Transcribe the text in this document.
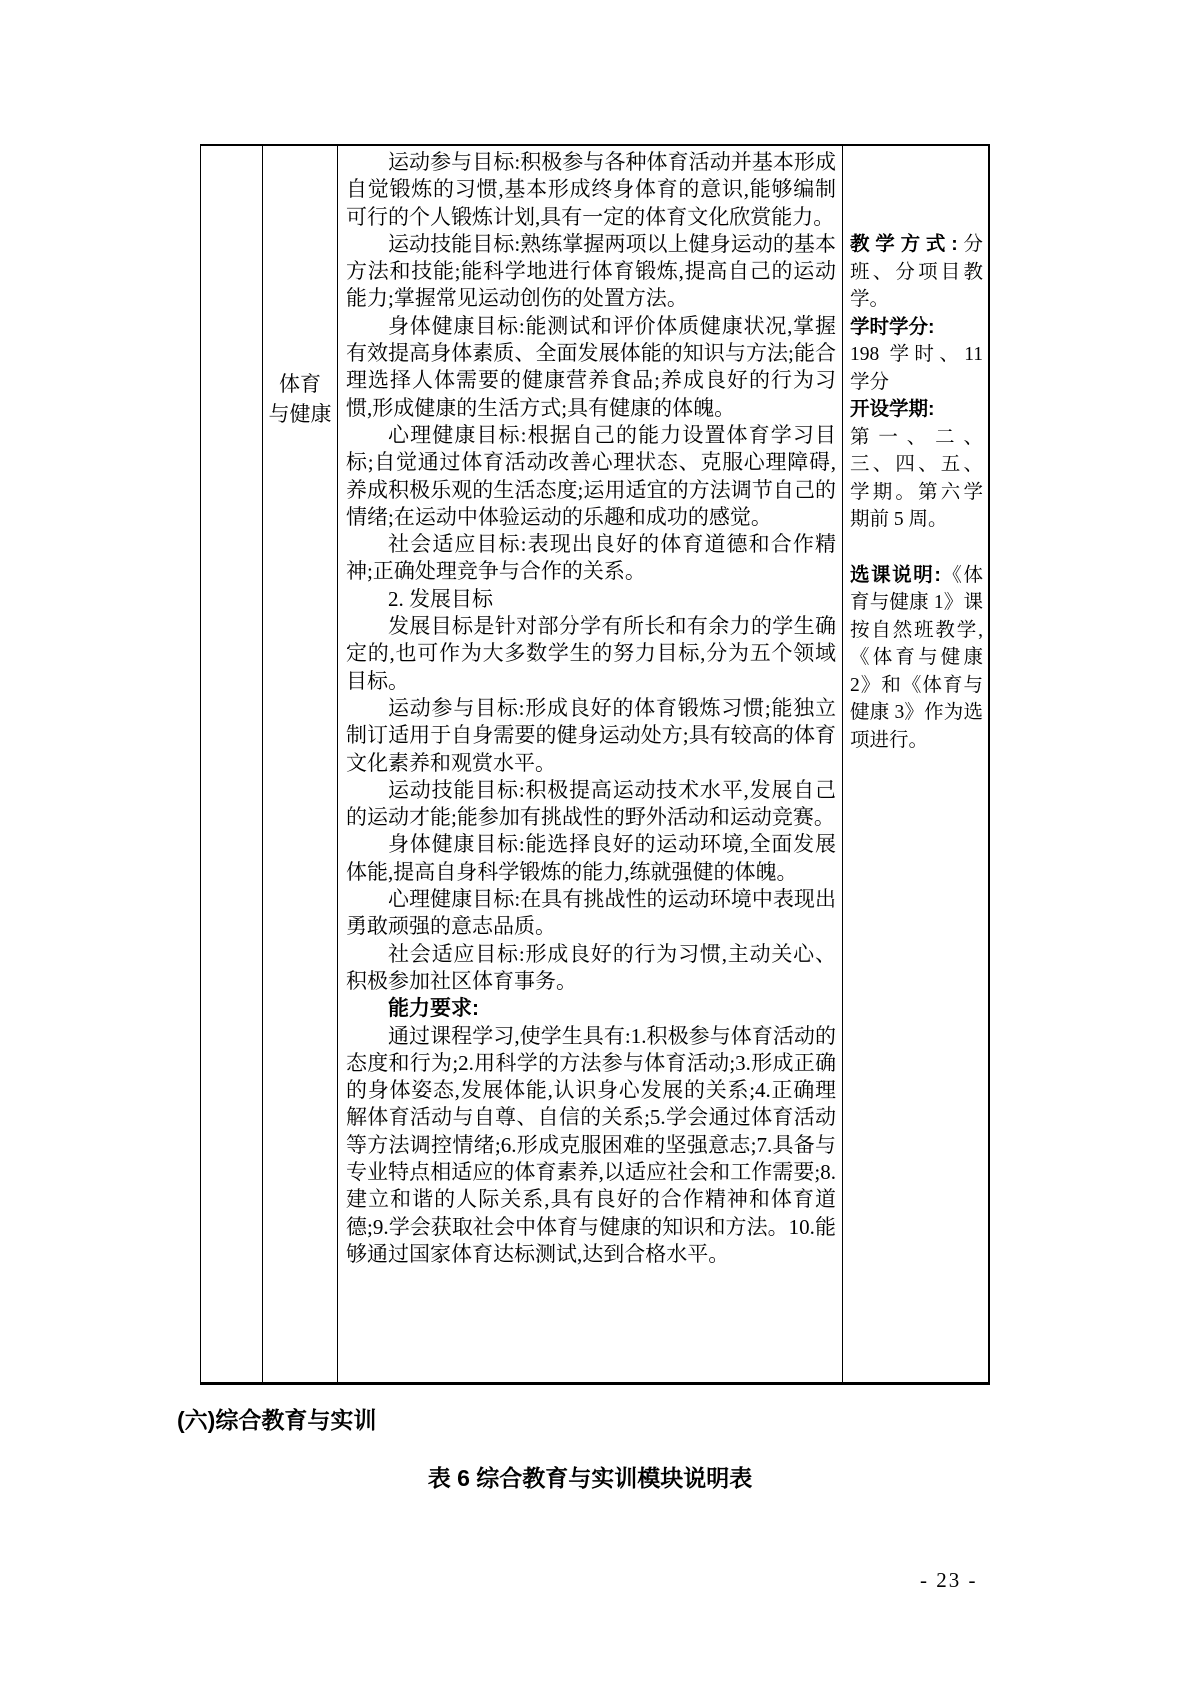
体育
与健康

运动参与目标:积极参与各种体育活动并基本形成自觉锻炼的习惯,基本形成终身体育的意识,能够编制可行的个人锻炼计划,具有一定的体育文化欣赏能力。

运动技能目标:熟练掌握两项以上健身运动的基本方法和技能;能科学地进行体育锻炼,提高自己的运动能力;掌握常见运动创伤的处置方法。

身体健康目标:能测试和评价体质健康状况,掌握有效提高身体素质、全面发展体能的知识与方法;能合理选择人体需要的健康营养食品;养成良好的行为习惯,形成健康的生活方式;具有健康的体魄。

心理健康目标:根据自己的能力设置体育学习目标;自觉通过体育活动改善心理状态、克服心理障碍,养成积极乐观的生活态度;运用适宜的方法调节自己的情绪;在运动中体验运动的乐趣和成功的感觉。

社会适应目标:表现出良好的体育道德和合作精神;正确处理竞争与合作的关系。

2. 发展目标

发展目标是针对部分学有所长和有余力的学生确定的,也可作为大多数学生的努力目标,分为五个领域目标。

运动参与目标:形成良好的体育锻炼习惯;能独立制订适用于自身需要的健身运动处方;具有较高的体育文化素养和观赏水平。

运动技能目标:积极提高运动技术水平,发展自己的运动才能;能参加有挑战性的野外活动和运动竞赛。

身体健康目标:能选择良好的运动环境,全面发展体能,提高自身科学锻炼的能力,练就强健的体魄。

心理健康目标:在具有挑战性的运动环境中表现出勇敢顽强的意志品质。

社会适应目标:形成良好的行为习惯,主动关心、积极参加社区体育事务。

能力要求:

通过课程学习,使学生具有:1.积极参与体育活动的态度和行为;2.用科学的方法参与体育活动;3.形成正确的身体姿态,发展体能,认识身心发展的关系;4.正确理解体育活动与自尊、自信的关系;5.学会通过体育活动等方法调控情绪;6.形成克服困难的坚强意志;7.具备与专业特点相适应的体育素养,以适应社会和工作需要;8.建立和谐的人际关系,具有良好的合作精神和体育道德;9.学会获取社会中体育与健康的知识和方法。10.能够通过国家体育达标测试,达到合格水平。

教学方式:分班、分项目教学。

学时学分:
198 学时、11 学分

开设学期:
第一、二、三、四、五、学期。第六学期前 5 周。

选课说明:《体育与健康 1》课 按自然班教学,《体育与健康 2》和《体育与健康 3》作为选项进行。

(六)综合教育与实训
表 6 综合教育与实训模块说明表
- 23 -
